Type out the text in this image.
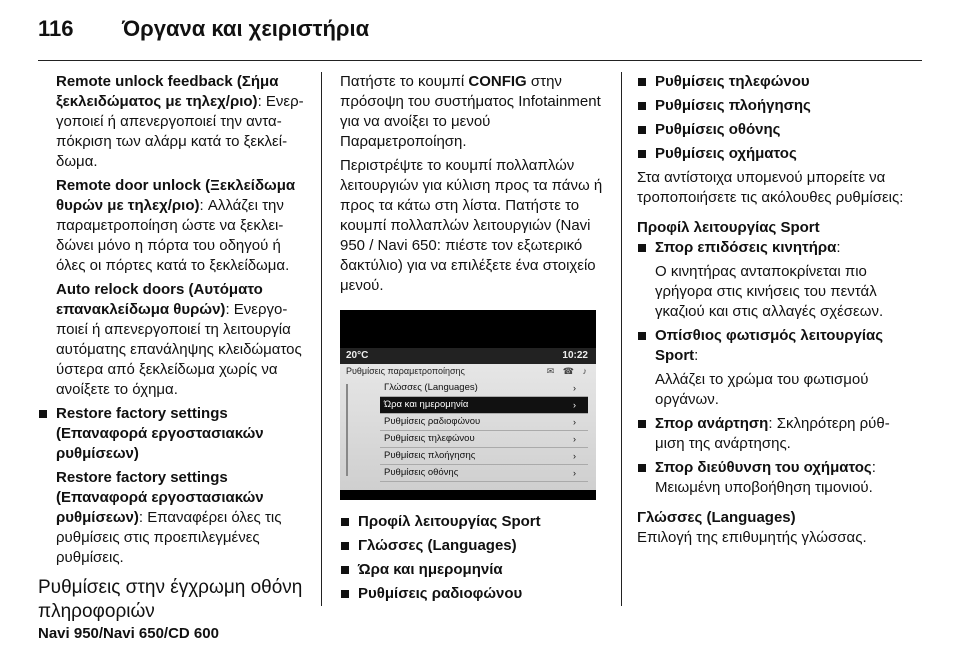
116	Όργανα και χειριστήρια

Remote unlock feedback (Σήμα ξεκλειδώματος με τηλεχ/ριο): Ενεργοποιεί ή απενεργοποιεί την ανταπόκριση των αλάρμ κατά το ξεκλείδωμα.

Remote door unlock (Ξεκλείδωμα θυρών με τηλεχ/ριο): Αλλάζει την παραμετροποίηση ώστε να ξεκλειδώνει μόνο η πόρτα του οδηγού ή όλες οι πόρτες κατά το ξεκλείδωμα.

Auto relock doors (Αυτόματο επανακλείδωμα θυρών): Ενεργοποιεί ή απενεργοποιεί τη λειτουργία αυτόματης επανάληψης κλειδώματος ύστερα από ξεκλείδωμα χωρίς να ανοίξετε το όχημα.

Restore factory settings (Επαναφορά εργοστασιακών ρυθμίσεων)

Restore factory settings (Επαναφορά εργοστασιακών ρυθμίσεων): Επαναφέρει όλες τις ρυθμίσεις στις προεπιλεγμένες ρυθμίσεις.

Ρυθμίσεις στην έγχρωμη οθόνη πληροφοριών
Navi 950/Navi 650/CD 600

Πατήστε το κουμπί CONFIG στην πρόσοψη του συστήματος Infotainment για να ανοίξει το μενού Παραμετροποίηση.

Περιστρέψτε το κουμπί πολλαπλών λειτουργιών για κύλιση προς τα πάνω ή προς τα κάτω στη λίστα. Πατήστε το κουμπί πολλαπλών λειτουργιών (Navi 950 / Navi 650: πιέστε τον εξωτερικό δακτύλιο) για να επιλέξετε ένα στοιχείο μενού.

20°C	10:22
Ρυθμίσεις παραμετροποίησης	✉ ☎ ♪
Γλώσσες (Languages)	›
Ώρα και ημερομηνία	›
Ρυθμίσεις ραδιοφώνου	›
Ρυθμίσεις τηλεφώνου	›
Ρυθμίσεις πλοήγησης	›
Ρυθμίσεις οθόνης	›
Προφίλ λειτουργίας Sport
Γλώσσες (Languages)
Ώρα και ημερομηνία
Ρυθμίσεις ραδιοφώνου
Ρυθμίσεις τηλεφώνου
Ρυθμίσεις πλοήγησης
Ρυθμίσεις οθόνης
Ρυθμίσεις οχήματος

Στα αντίστοιχα υπομενού μπορείτε να τροποποιήσετε τις ακόλουθες ρυθμίσεις:

Προφίλ λειτουργίας Sport
Σπορ επιδόσεις κινητήρα:
Ο κινητήρας ανταποκρίνεται πιο γρήγορα στις κινήσεις του πεντάλ γκαζιού και στις αλλαγές σχέσεων.
Οπίσθιος φωτισμός λειτουργίας Sport:
Αλλάζει το χρώμα του φωτισμού οργάνων.
Σπορ ανάρτηση: Σκληρότερη ρύθμιση της ανάρτησης.
Σπορ διεύθυνση του οχήματος: Μειωμένη υποβοήθηση τιμονιού.
Γλώσσες (Languages)

Επιλογή της επιθυμητής γλώσσας.
